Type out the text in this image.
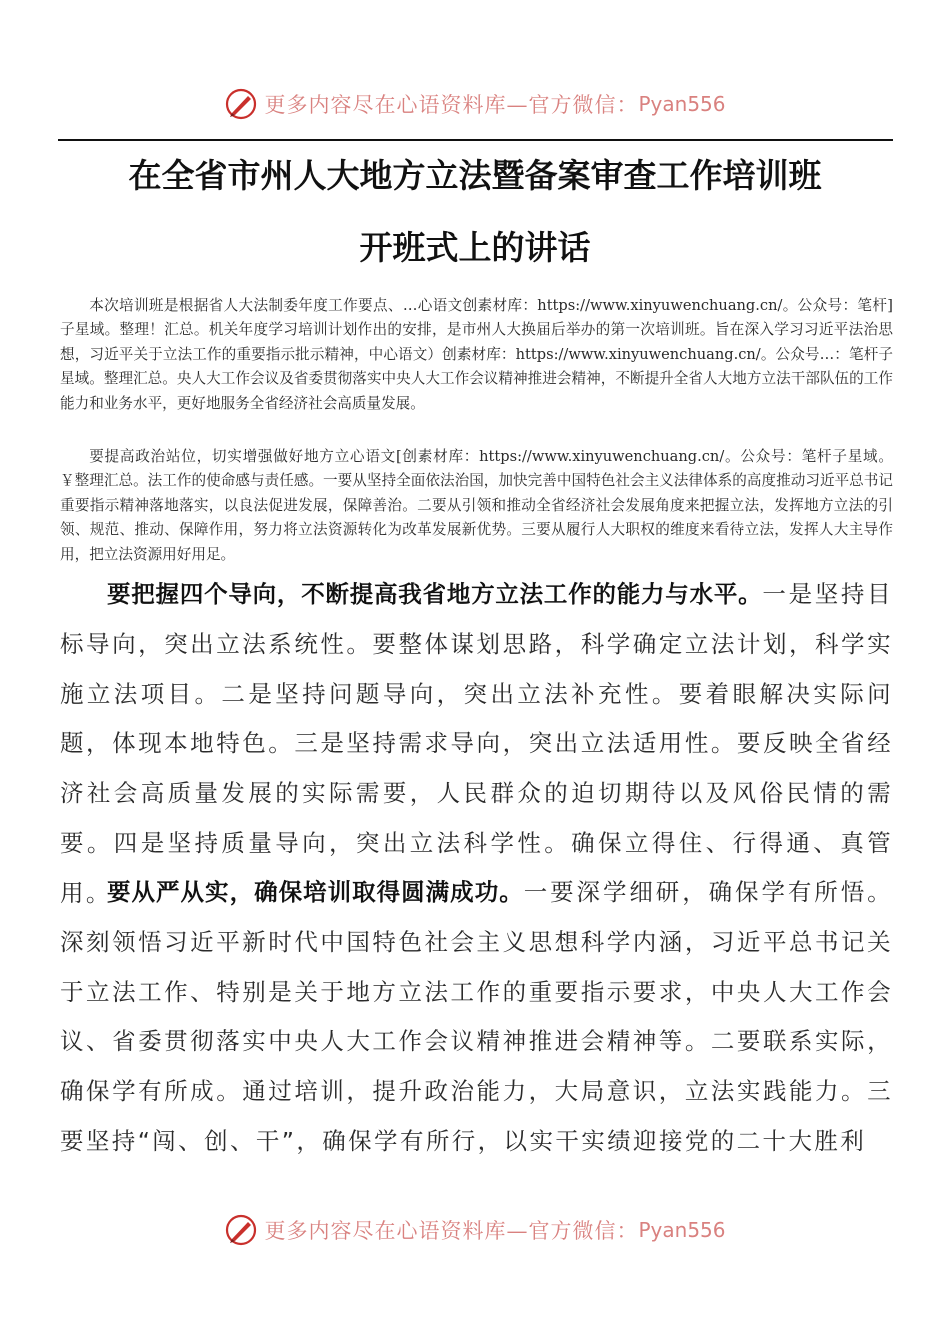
更多内容尽在心语资料库—官方微信： Pyan556
在全省市州人大地方立法暨备案审查工作培训班
开班式上的讲话

本次培训班是根据省人大法制委年度工作要点、…心语文创素材库：https://www.xinyuwenchuang.cn/。公众号：笔杆]子星域。整理！汇总。机关年度学习培训计划作出的安排，是市州人大换届后举办的第一次培训班。旨在深入学习习近平法治思想，习近平关于立法工作的重要指示批示精神，中心语文）创素材库：https://www.xinyuwenchuang.cn/。公众号…：笔杆子星域。整理汇总。央人大工作会议及省委贯彻落实中央人大工作会议精神推进会精神，不断提升全省人大地方立法干部队伍的工作能力和业务水平，更好地服务全省经济社会高质量发展。

要提高政治站位，切实增强做好地方立心语文[创素材库：https://www.xinyuwenchuang.cn/。公众号：笔杆子星域。￥整理汇总。法工作的使命感与责任感。一要从坚持全面依法治国，加快完善中国特色社会主义法律体系的高度推动习近平总书记重要指示精神落地落实，以良法促进发展，保障善治。二要从引领和推动全省经济社会发展角度来把握立法，发挥地方立法的引领、规范、推动、保障作用，努力将立法资源转化为改革发展新优势。三要从履行人大职权的维度来看待立法，发挥人大主导作用，把立法资源用好用足。

要把握四个导向，不断提高我省地方立法工作的能力与水平。一是坚持目标导向，突出立法系统性。要整体谋划思路，科学确定立法计划，科学实施立法项目。二是坚持问题导向，突出立法补充性。要着眼解决实际问题，体现本地特色。三是坚持需求导向，突出立法适用性。要反映全省经济社会高质量发展的实际需要，人民群众的迫切期待以及风俗民情的需要。四是坚持质量导向，突出立法科学性。确保立得住、行得通、真管用。

要从严从实，确保培训取得圆满成功。一要深学细研，确保学有所悟。深刻领悟习近平新时代中国特色社会主义思想科学内涵，习近平总书记关于立法工作、特别是关于地方立法工作的重要指示要求，中央人大工作会议、省委贯彻落实中央人大工作会议精神推进会精神等。二要联系实际，确保学有所成。通过培训，提升政治能力，大局意识，立法实践能力。三要坚持“闯、创、干”，确保学有所行，以实干实绩迎接党的二十大胜利

更多内容尽在心语资料库—官方微信： Pyan556
